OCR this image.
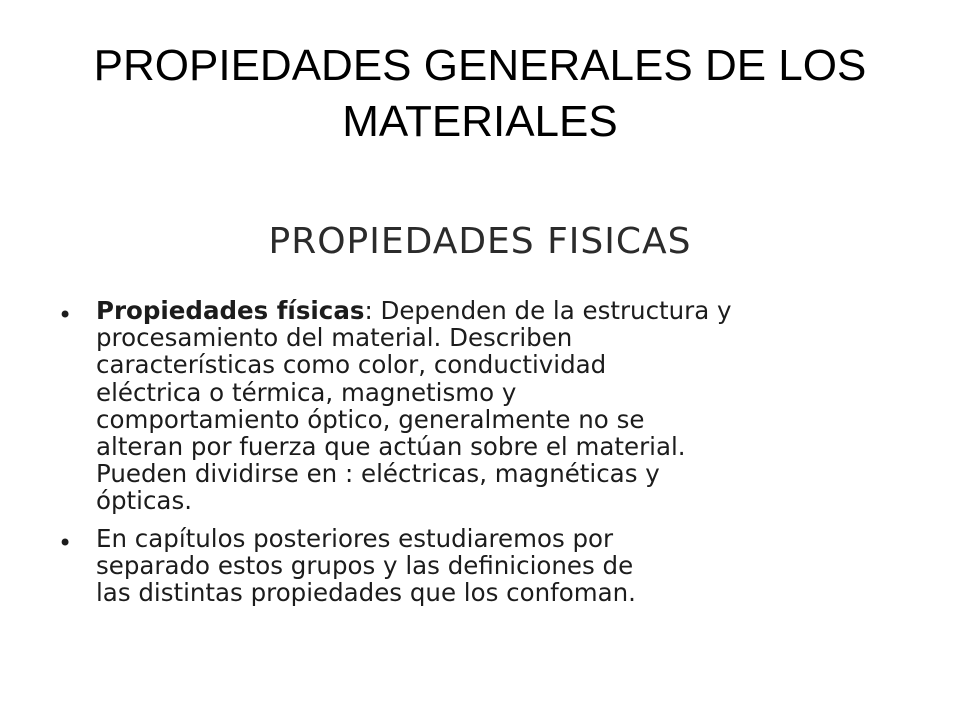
PROPIEDADES GENERALES DE LOS MATERIALES
PROPIEDADES FISICAS
• Propiedades físicas: Depende​n de la estructura y
procesamiento del material. Describen
características como color, conductividad
eléctrica o térmica, magnetismo y
comportamiento óptico, generalmente no se
alteran por fuerza que actúan sobre el material.
Pueden dividirse en : eléctricas, magnéticas y
ópticas.
• En capítulos posteriores estudiaremos por
separado estos grupos y las definiciones de
las distintas propiedades que los confoman.
